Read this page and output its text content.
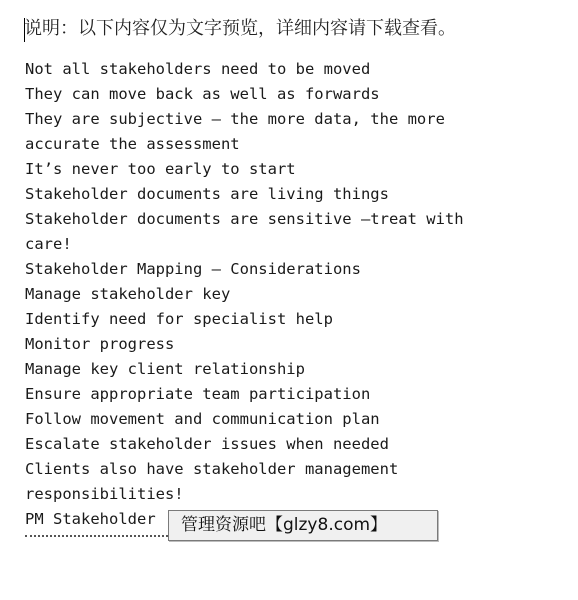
说明：以下内容仅为文字预览，详细内容请下载查看。
Not all stakeholders need to be moved
They can move back as well as forwards
They are subjective – the more data, the more
accurate the assessment
It’s never too early to start
Stakeholder documents are living things
Stakeholder documents are sensitive –treat with
care!
Stakeholder Mapping – Considerations
Manage stakeholder key
Identify need for specialist help
Monitor progress
Manage key client relationship
Ensure appropriate team participation
Follow movement and communication plan
Escalate stakeholder issues when needed
Clients also have stakeholder management
responsibilities!
PM Stakeholder	管理资源吧【glzy8.com】
